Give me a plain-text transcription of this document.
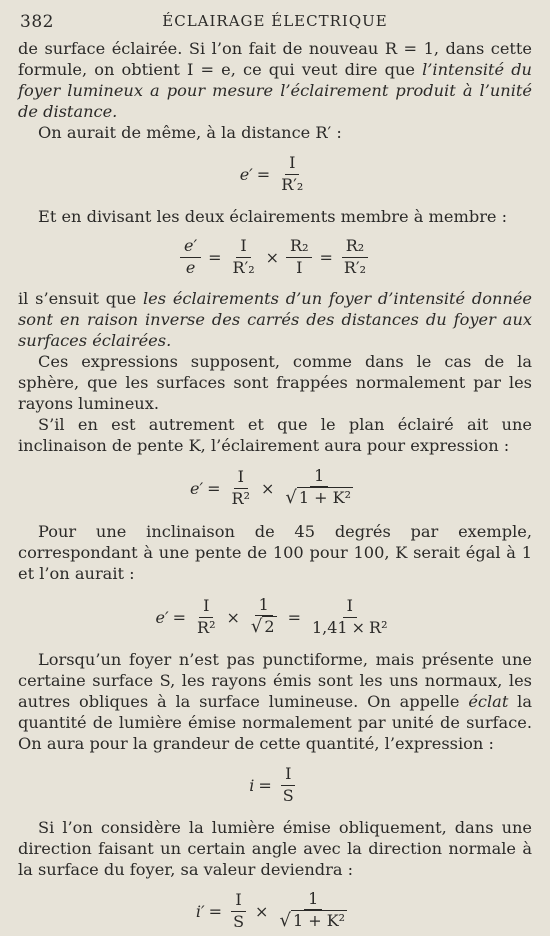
382	ÉCLAIRAGE ÉLECTRIQUE

de surface éclairée. Si l’on fait de nouveau R = 1, dans cette formule, on obtient I = e, ce qui veut dire que l’intensité du foyer lumineux a pour mesure l’éclairement produit à l’unité de distance.

On aurait de même, à la distance R′ :

$e' = \frac{I}{\text{R′₂}}$

Et en divisant les deux éclairements membre à membre :

$\frac{e'}{e} = \frac{I}{\text{R′₂}} \times \frac{\text{R₂}}{I} = \frac{\text{R₂}}{\text{R′₂}}$

il s’ensuit que les éclairements d’un foyer d’intensité donnée sont en raison inverse des carrés des distances du foyer aux surfaces éclairées.

Ces expressions supposent, comme dans le cas de la sphère, que les surfaces sont frappées normalement par les rayons lumineux.

S’il en est autrement et que le plan éclairé ait une inclinaison de pente K, l’éclairement aura pour expression :

$e' = \frac{I}{\text{R²}} \times \frac{1}{\text{√ 1 + K²}}$

Pour une inclinaison de 45 degrés par exemple, correspondant à une pente de 100 pour 100, K serait égal à 1 et l’on aurait :

$e' = \frac{I}{\text{R²}} \times \frac{1}{√ 2} = \frac{I}{\text{1,41 × R²}}$

Lorsqu’un foyer n’est pas punctiforme, mais présente une certaine surface S, les rayons émis sont les uns normaux, les autres obliques à la surface lumineuse. On appelle éclat la quantité de lumière émise normalement par unité de surface. On aura pour la grandeur de cette quantité, l’expression :

$i = \frac{I}{S}$

Si l’on considère la lumière émise obliquement, dans une direction faisant un certain angle avec la direction normale à la surface du foyer, sa valeur deviendra :

$i' = \frac{I}{S} \times \frac{1}{\text{√ 1 + K²}}$
